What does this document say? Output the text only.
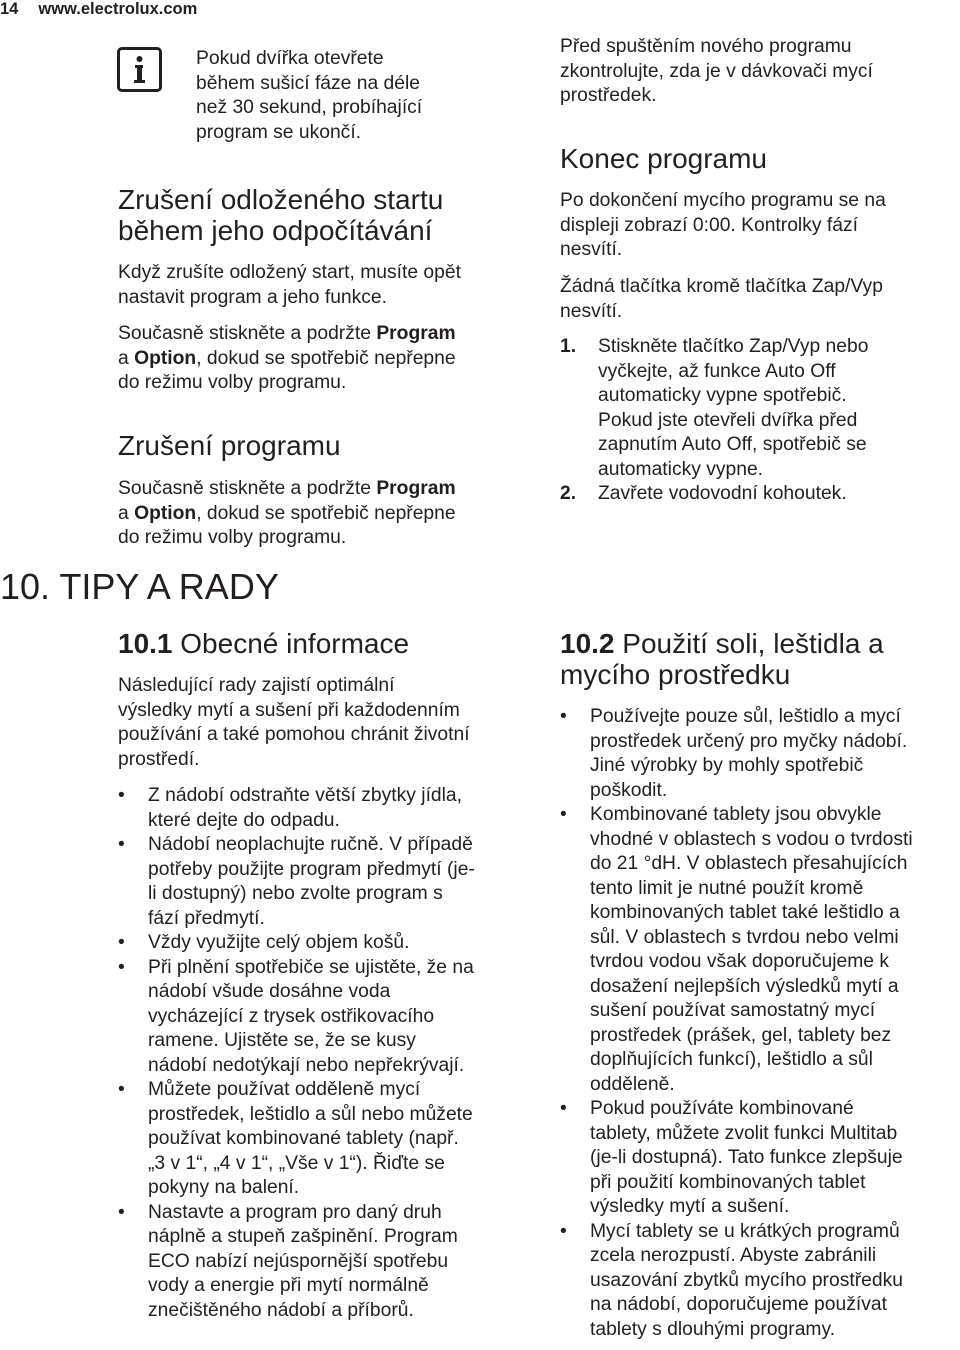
14 www.electrolux.com
Pokud dvířka otevřete
během sušicí fáze na déle
než 30 sekund, probíhající
program se ukončí.
Zrušení odloženého startu
během jeho odpočítávání

Když zrušíte odložený start, musíte opět
nastavit program a jeho funkce.

Současně stiskněte a podržte Program
a Option, dokud se spotřebič nepřepne
do režimu volby programu.

Zrušení programu

Současně stiskněte a podržte Program
a Option, dokud se spotřebič nepřepne
do režimu volby programu.

10. TIPY A RADY
10.1 Obecné informace

Následující rady zajistí optimální
výsledky mytí a sušení při každodenním
používání a také pomohou chránit životní
prostředí.

• Z nádobí odstraňte větší zbytky jídla,
které dejte do odpadu.
• Nádobí neoplachujte ručně. V případě
potřeby použijte program předmytí (je-
li dostupný) nebo zvolte program s
fází předmytí.
• Vždy využijte celý objem košů.
• Při plnění spotřebiče se ujistěte, že na
nádobí všude dosáhne voda
vycházející z trysek ostřikovacího
ramene. Ujistěte se, že se kusy
nádobí nedotýkají nebo nepřekrývají.
• Můžete používat odděleně mycí
prostředek, leštidlo a sůl nebo můžete
používat kombinované tablety (např.
„3 v 1“, „4 v 1“, „Vše v 1“). Řiďte se
pokyny na balení.
• Nastavte a program pro daný druh
náplně a stupeň zašpinění. Program
ECO nabízí nejúspornější spotřebu
vody a energie při mytí normálně
znečištěného nádobí a příborů.

Před spuštěním nového programu
zkontrolujte, zda je v dávkovači mycí
prostředek.

Konec programu

Po dokončení mycího programu se na
displeji zobrazí 0:00. Kontrolky fází
nesvítí.

Žádná tlačítka kromě tlačítka Zap/Vyp
nesvítí.

1. Stiskněte tlačítko Zap/Vyp nebo
vyčkejte, až funkce Auto Off
automaticky vypne spotřebič.
Pokud jste otevřeli dvířka před
zapnutím Auto Off, spotřebič se
automaticky vypne.
2. Zavřete vodovodní kohoutek.
10.2 Použití soli, leštidla a
mycího prostředku
• Používejte pouze sůl, leštidlo a mycí
prostředek určený pro myčky nádobí.
Jiné výrobky by mohly spotřebič
poškodit.
• Kombinované tablety jsou obvykle
vhodné v oblastech s vodou o tvrdosti
do 21 °dH. V oblastech přesahujících
tento limit je nutné použít kromě
kombinovaných tablet také leštidlo a
sůl. V oblastech s tvrdou nebo velmi
tvrdou vodou však doporučujeme k
dosažení nejlepších výsledků mytí a
sušení používat samostatný mycí
prostředek (prášek, gel, tablety bez
doplňujících funkcí), leštidlo a sůl
odděleně.
• Pokud používáte kombinované
tablety, můžete zvolit funkci Multitab
(je-li dostupná). Tato funkce zlepšuje
při použití kombinovaných tablet
výsledky mytí a sušení.
• Mycí tablety se u krátkých programů
zcela nerozpustí. Abyste zabránili
usazování zbytků mycího prostředku
na nádobí, doporučujeme používat
tablety s dlouhými programy.
